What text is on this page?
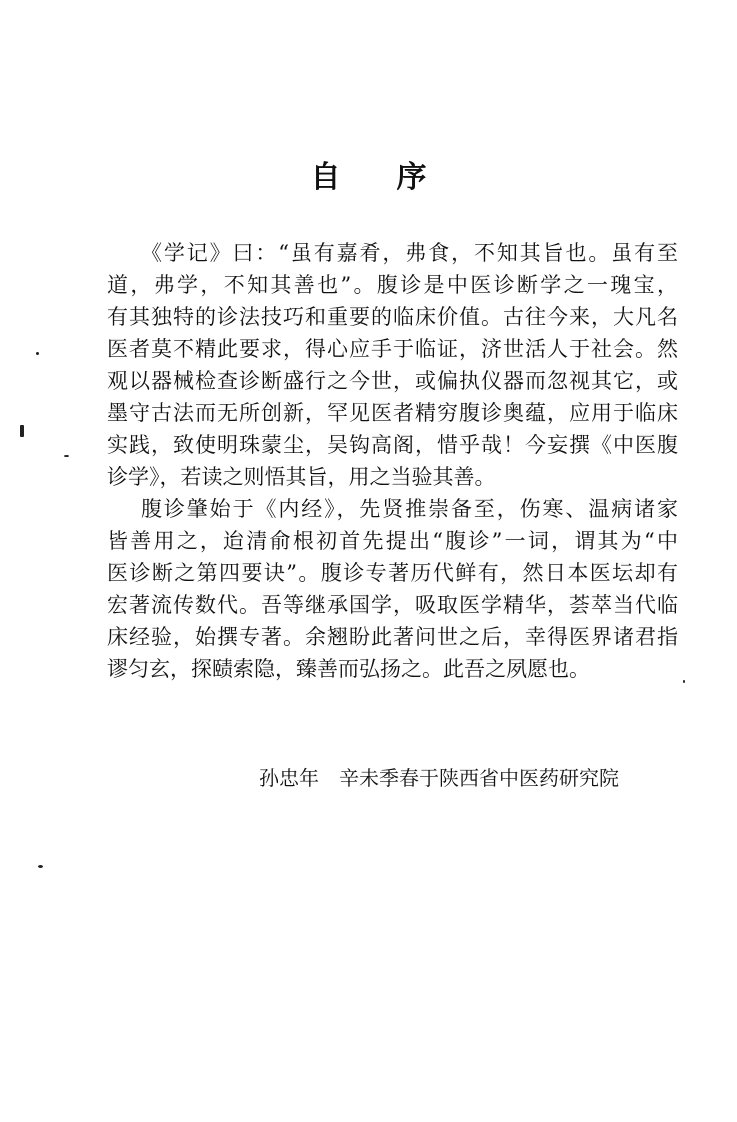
自序
《学记》曰：“虽有嘉肴，弗食，不知其旨也。虽有至
道，弗学，不知其善也”。腹诊是中医诊断学之一瑰宝，
有其独特的诊法技巧和重要的临床价值。古往今来，大凡名
医者莫不精此要求，得心应手于临证，济世活人于社会。然
观以器械检查诊断盛行之今世，或偏执仪器而忽视其它，或
墨守古法而无所创新，罕见医者精穷腹诊奥蕴，应用于临床
实践，致使明珠蒙尘，吴钩高阁，惜乎哉！今妄撰《中医腹
诊学》，若读之则悟其旨，用之当验其善。
腹诊肇始于《内经》，先贤推崇备至，伤寒、温病诸家
皆善用之，迨清俞根初首先提出“腹诊”一词，谓其为“中
医诊断之第四要诀”。腹诊专著历代鲜有，然日本医坛却有
宏著流传数代。吾等继承国学，吸取医学精华，荟萃当代临
床经验，始撰专著。余翘盼此著问世之后，幸得医界诸君指
谬匀玄，探赜索隐，臻善而弘扬之。此吾之夙愿也。
孙忠年　辛未季春于陕西省中医药研究院
